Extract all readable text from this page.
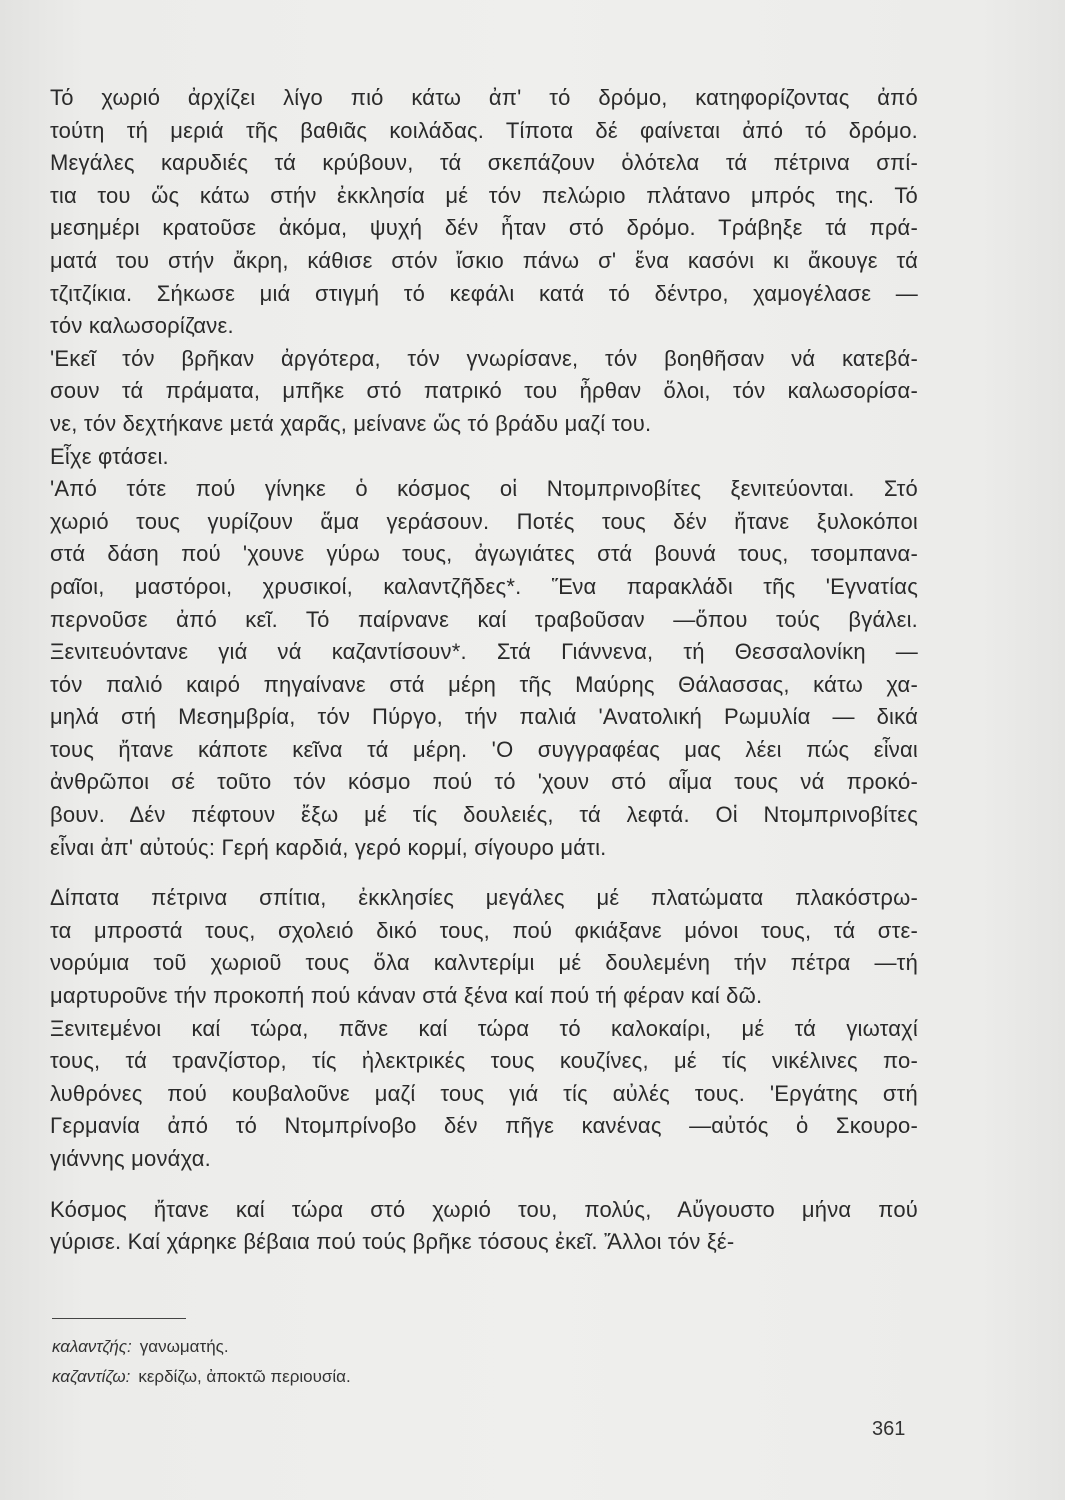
Τό χωριό ἀρχίζει λίγο πιό κάτω ἀπ' τό δρόμο, κατηφορίζοντας ἀπό
τούτη τή μεριά τῆς βαθιᾶς κοιλάδας. Τίποτα δέ φαίνεται ἀπό τό δρόμο.
Μεγάλες καρυδιές τά κρύβουν, τά σκεπάζουν ὁλότελα τά πέτρινα σπί-
τια του ὥς κάτω στήν ἐκκλησία μέ τόν πελώριο πλάτανο μπρός της. Τό
μεσημέρι κρατοῦσε ἀκόμα, ψυχή δέν ἦταν στό δρόμο. Τράβηξε τά πρά-
ματά του στήν ἄκρη, κάθισε στόν ἴσκιο πάνω σ' ἕνα κασόνι κι ἄκουγε τά
τζιτζίκια. Σήκωσε μιά στιγμή τό κεφάλι κατά τό δέντρο, χαμογέλασε —
τόν καλωσορίζανε.
'Εκεῖ τόν βρῆκαν ἀργότερα, τόν γνωρίσανε, τόν βοηθῆσαν νά κατεβά-
σουν τά πράματα, μπῆκε στό πατρικό του ἦρθαν ὅλοι, τόν καλωσορίσα-
νε, τόν δεχτήκανε μετά χαρᾶς, μείνανε ὥς τό βράδυ μαζί του.
Εἶχε φτάσει.
'Από τότε πού γίνηκε ὁ κόσμος οἱ Ντομπρινοβίτες ξενιτεύονται. Στό
χωριό τους γυρίζουν ἅμα γεράσουν. Ποτές τους δέν ἤτανε ξυλοκόποι
στά δάση πού 'χουνε γύρω τους, ἀγωγιάτες στά βουνά τους, τσομπανα-
ραῖοι, μαστόροι, χρυσικοί, καλαντζῆδες*. Ἕνα παρακλάδι τῆς 'Εγνατίας
περνοῦσε ἀπό κεῖ. Τό παίρνανε καί τραβοῦσαν —ὅπου τούς βγάλει.
Ξενιτευόντανε γιά νά καζαντίσουν*. Στά Γιάννενα, τή Θεσσαλονίκη —
τόν παλιό καιρό πηγαίνανε στά μέρη τῆς Μαύρης Θάλασσας, κάτω χα-
μηλά στή Μεσημβρία, τόν Πύργο, τήν παλιά 'Ανατολική Ρωμυλία — δικά
τους ἤτανε κάποτε κεῖνα τά μέρη. 'Ο συγγραφέας μας λέει πώς εἶναι
ἀνθρῶποι σέ τοῦτο τόν κόσμο πού τό 'χουν στό αἷμα τους νά προκό-
βουν. Δέν πέφτουν ἔξω μέ τίς δουλειές, τά λεφτά. Οἱ Ντομπρινοβίτες
εἶναι ἀπ' αὐτούς: Γερή καρδιά, γερό κορμί, σίγουρο μάτι.
Δίπατα πέτρινα σπίτια, ἐκκλησίες μεγάλες μέ πλατώματα πλακόστρω-
τα μπροστά τους, σχολειό δικό τους, πού φκιάξανε μόνοι τους, τά στε-
νορύμια τοῦ χωριοῦ τους ὅλα καλντερίμι μέ δουλεμένη τήν πέτρα —τή
μαρτυροῦνε τήν προκοπή πού κάναν στά ξένα καί πού τή φέραν καί δῶ.
Ξενιτεμένοι καί τώρα, πᾶνε καί τώρα τό καλοκαίρι, μέ τά γιωταχί
τους, τά τρανζίστορ, τίς ἠλεκτρικές τους κουζίνες, μέ τίς νικέλινες πο-
λυθρόνες πού κουβαλοῦνε μαζί τους γιά τίς αὐλές τους. 'Εργάτης στή
Γερμανία ἀπό τό Ντομπρίνοβο δέν πῆγε κανένας —αὐτός ὁ Σκουρο-
γιάννης μονάχα.
Κόσμος ἤτανε καί τώρα στό χωριό του, πολύς, Αὔγουστο μήνα πού
γύρισε. Καί χάρηκε βέβαια πού τούς βρῆκε τόσους ἐκεῖ. Ἄλλοι τόν ξέ-
καλαντζής: γανωματής.
καζαντίζω: κερδίζω, ἀποκτῶ περιουσία.
361
